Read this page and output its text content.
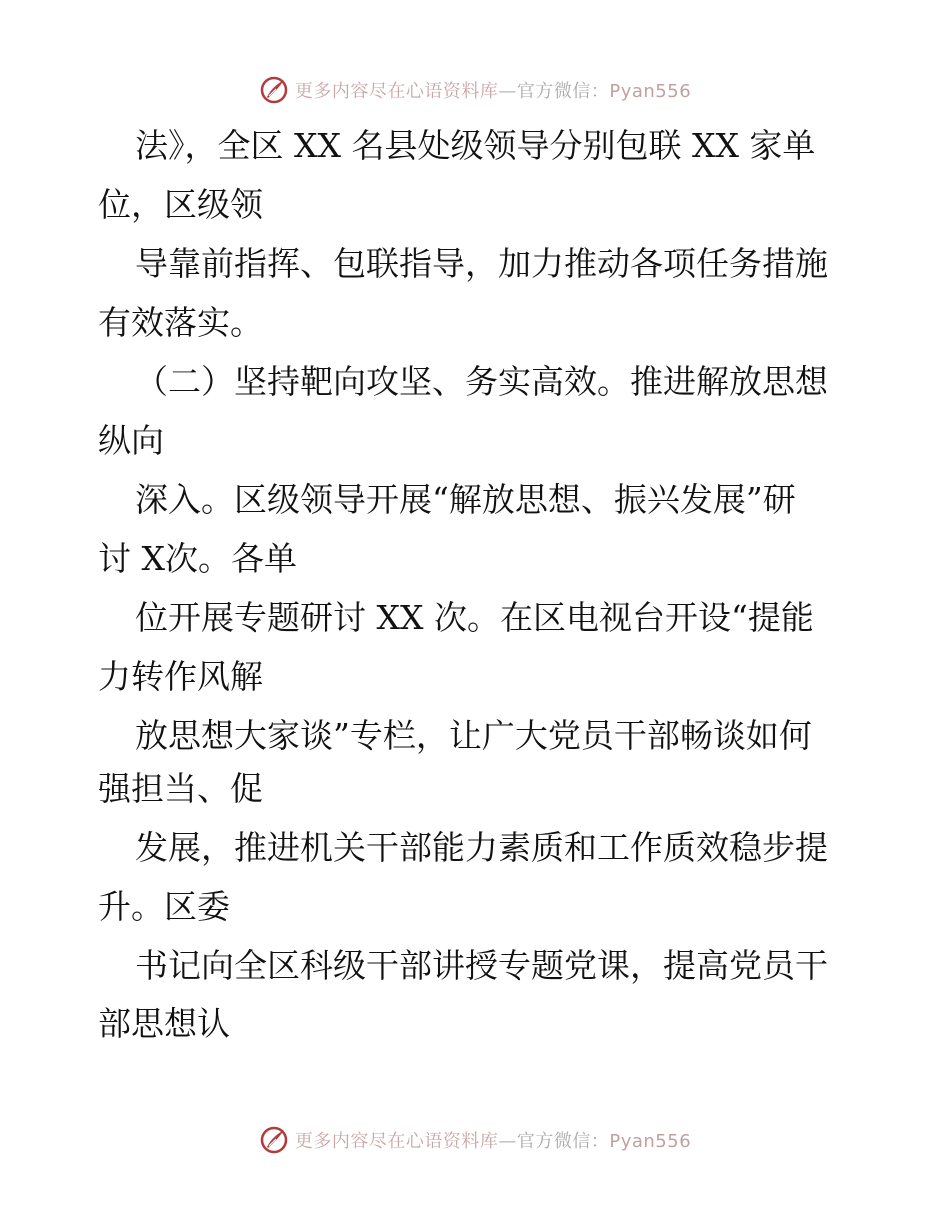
更多内容尽在心语资料库—官方微信：Pyan556
法》，全区 XX 名县处级领导分别包联 XX 家单
位，区级领
导靠前指挥、包联指导，加力推动各项任务措施
有效落实。
（二）坚持靶向攻坚、务实高效。推进解放思想
纵向
深入。区级领导开展“解放思想、振兴发展”研
讨 X次。各单
位开展专题研讨 XX 次。在区电视台开设“提能
力转作风解
放思想大家谈”专栏，让广大党员干部畅谈如何
强担当、促
发展，推进机关干部能力素质和工作质效稳步提
升。区委
书记向全区科级干部讲授专题党课，提高党员干
部思想认
更多内容尽在心语资料库—官方微信：Pyan556
